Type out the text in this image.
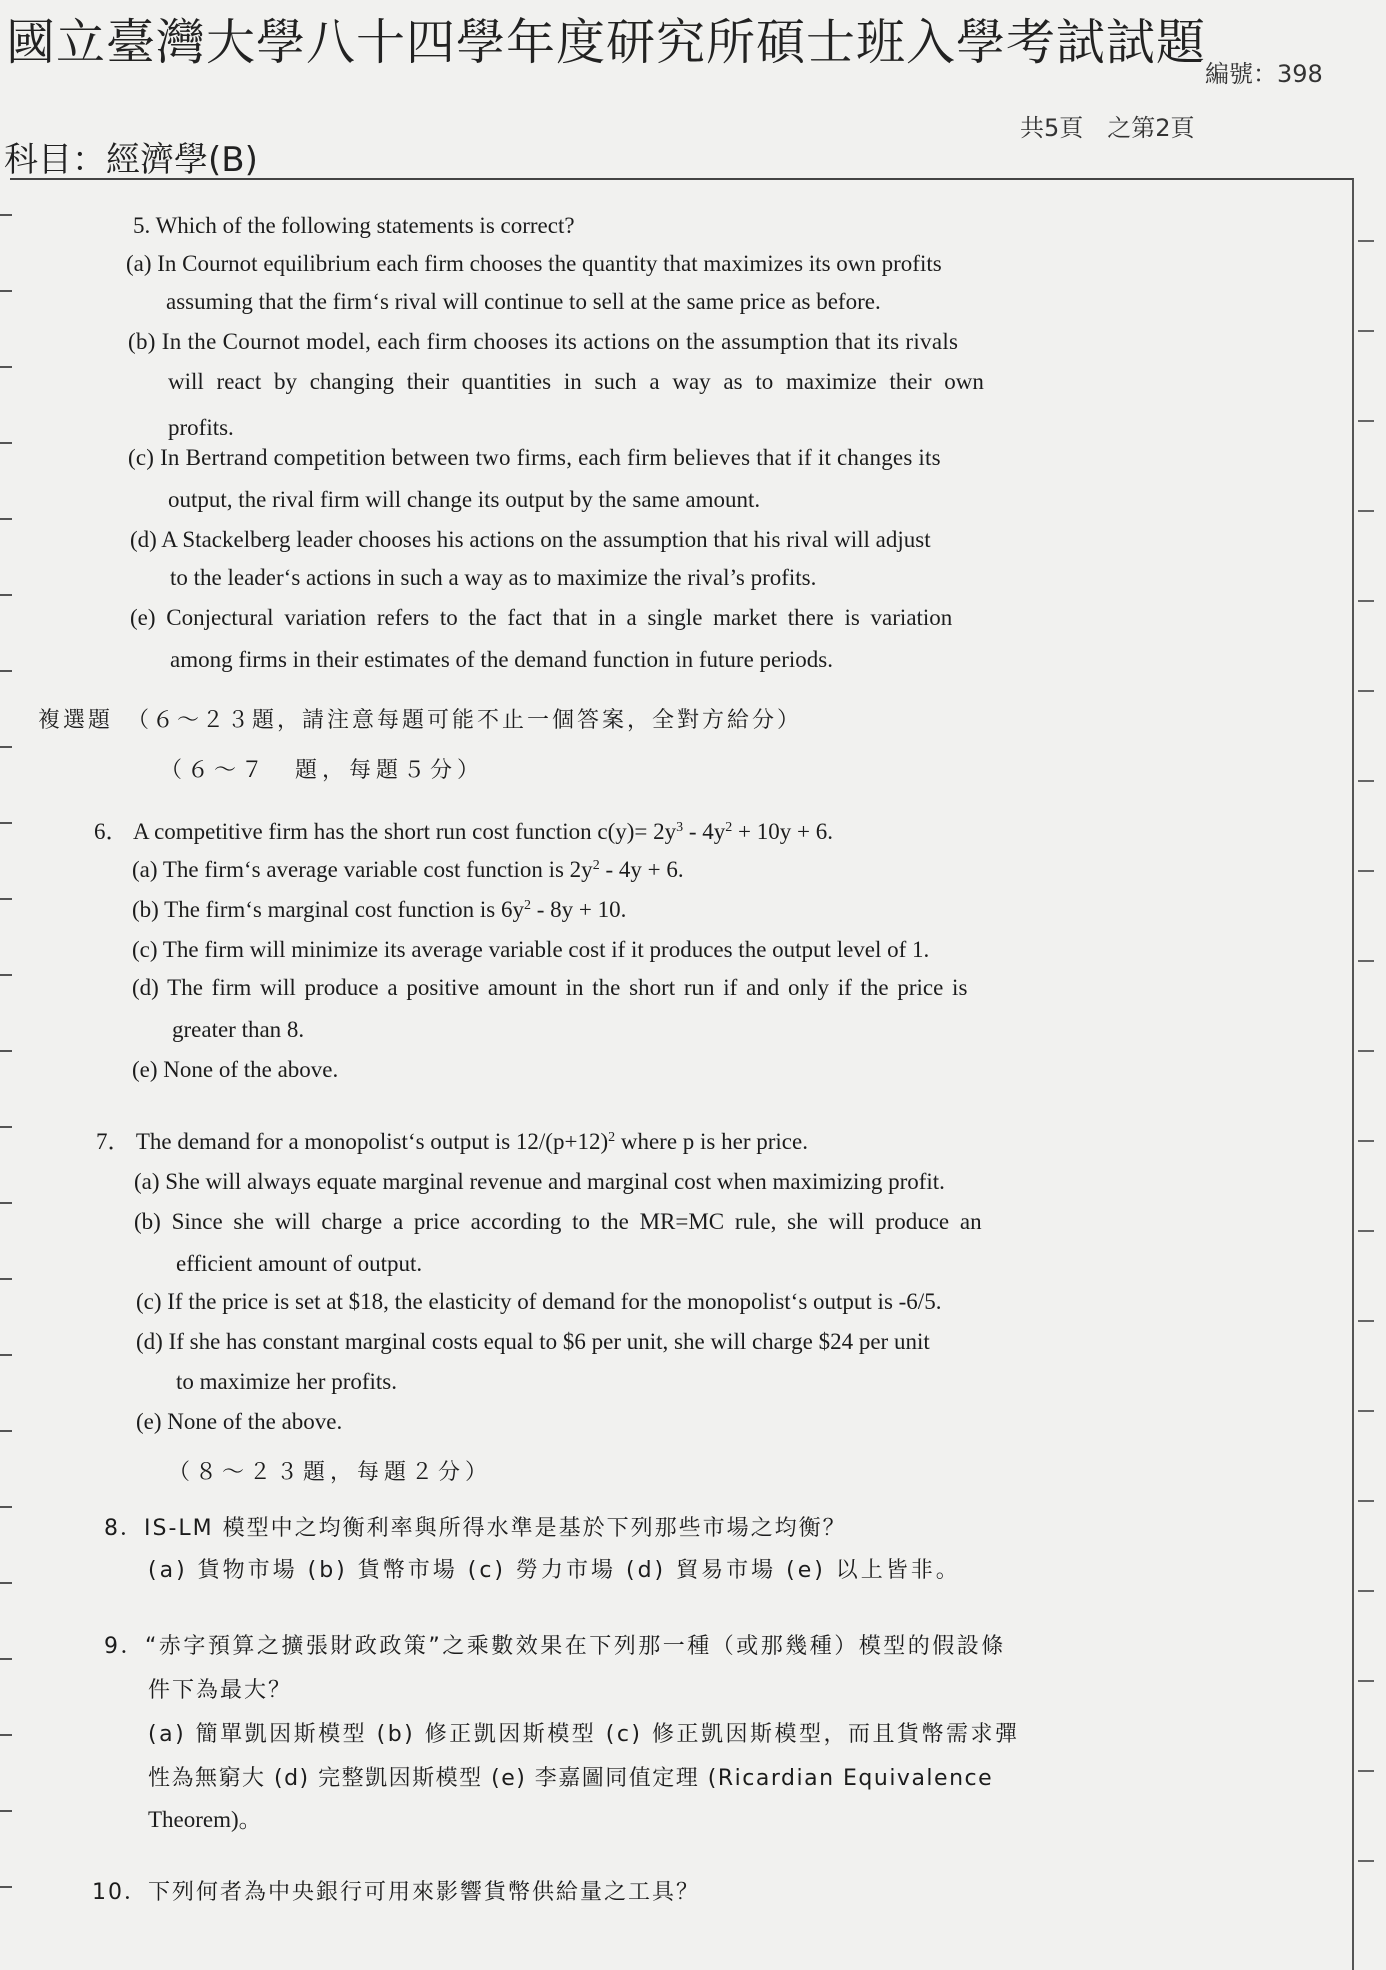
國立臺灣大學八十四學年度研究所碩士班入學考試試題
編號：398
共5頁　之第2頁
科目：經濟學(B)
5. Which of the following statements is correct?
(a) In Cournot equilibrium each firm chooses the quantity that maximizes its own profits
assuming that the firm‘s rival will continue to sell at the same price as before.
(b) In the Cournot model, each firm chooses its actions on the assumption that its rivals
will react by changing their quantities in such a way as to maximize their own
profits.
(c) In Bertrand competition between two firms, each firm believes that if it changes its
output, the rival firm will change its output by the same amount.
(d) A Stackelberg leader chooses his actions on the assumption that his rival will adjust
to the leader‘s actions in such a way as to maximize the rival’s profits.
(e) Conjectural variation refers to the fact that in a single market there is variation
among firms in their estimates of the demand function in future periods.
複選題　（６～２３題，請注意每題可能不止一個答案，全對方給分）
（６～７　題，每題５分）
6． A competitive firm has the short run cost function $c(y)= 2y^3 - 4y^2 + 10y + 6$.
(a) The firm‘s average variable cost function is $2y^2 - 4y + 6$.
(b) The firm‘s marginal cost function is $6y^2 - 8y + 10$.
(c) The firm will minimize its average variable cost if it produces the output level of 1.
(d) The firm will produce a positive amount in the short run if and only if the price is
greater than 8.
(e) None of the above.
7． The demand for a monopolist‘s output is $12/(p+12)^2$ where p is her price.
(a) She will always equate marginal revenue and marginal cost when maximizing profit.
(b) Since she will charge a price according to the MR=MC rule, she will produce an
efficient amount of output.
(c) If the price is set at $18, the elasticity of demand for the monopolist‘s output is -6/5.
(d) If she has constant marginal costs equal to $6 per unit, she will charge $24 per unit
to maximize her profits.
(e) None of the above.
（８～２３題，每題２分）
8．IS-LM 模型中之均衡利率與所得水準是基於下列那些市場之均衡？
(a) 貨物市場 (b) 貨幣市場 (c) 勞力市場 (d) 貿易市場 (e) 以上皆非。
9．“赤字預算之擴張財政政策”之乘數效果在下列那一種（或那幾種）模型的假設條
件下為最大？
(a) 簡單凱因斯模型 (b) 修正凱因斯模型 (c) 修正凱因斯模型，而且貨幣需求彈
性為無窮大 (d) 完整凱因斯模型 (e) 李嘉圖同值定理 (Ricardian Equivalence
Theorem)。
10．下列何者為中央銀行可用來影響貨幣供給量之工具？
